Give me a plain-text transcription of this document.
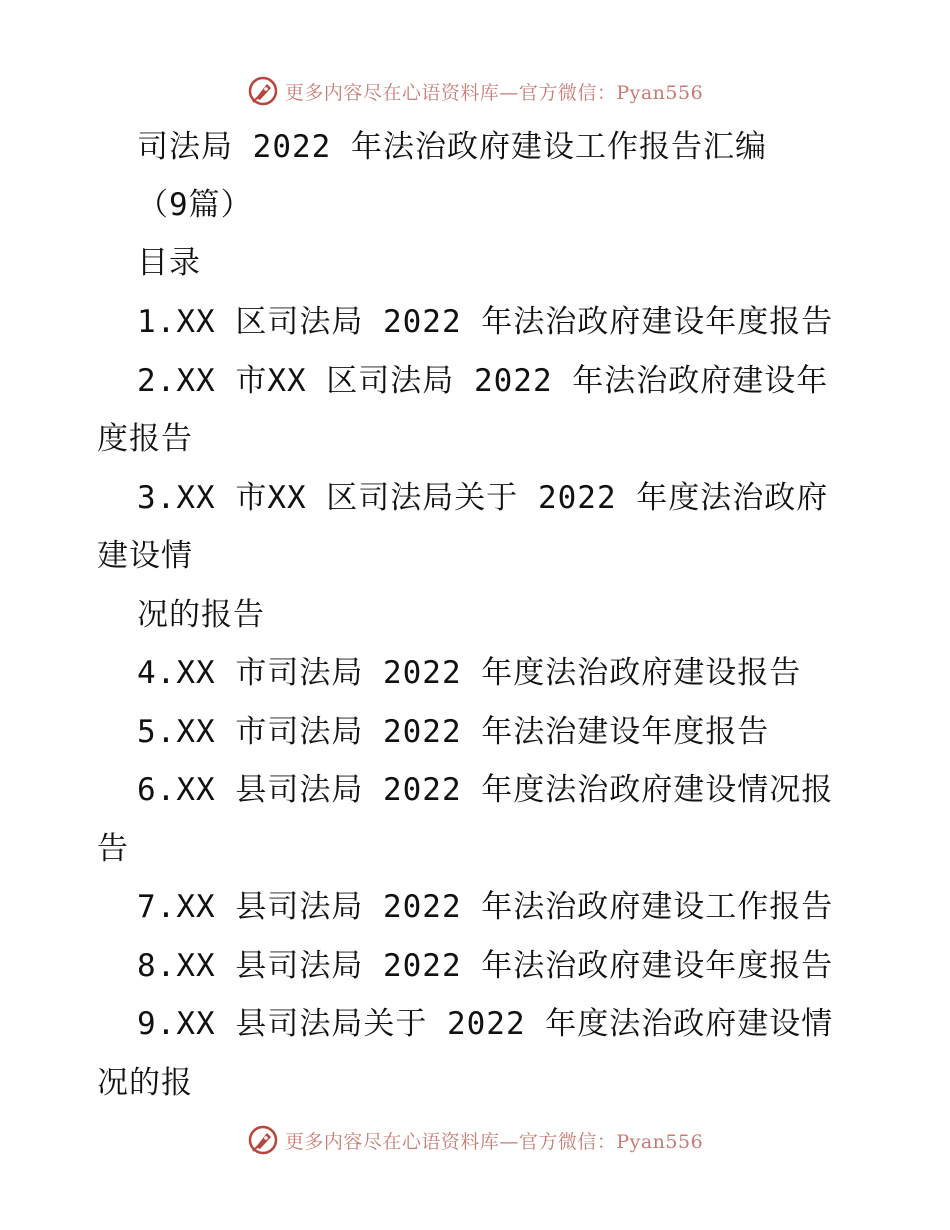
更多内容尽在心语资料库—官方微信：Pyan556
司法局 2022 年法治政府建设工作报告汇编
（9篇）
目录
1.XX 区司法局 2022 年法治政府建设年度报告
2.XX 市XX 区司法局 2022 年法治政府建设年
度报告
3.XX 市XX 区司法局关于 2022 年度法治政府
建设情
况的报告
4.XX 市司法局 2022 年度法治政府建设报告
5.XX 市司法局 2022 年法治建设年度报告
6.XX 县司法局 2022 年度法治政府建设情况报
告
7.XX 县司法局 2022 年法治政府建设工作报告
8.XX 县司法局 2022 年法治政府建设年度报告
9.XX 县司法局关于 2022 年度法治政府建设情
况的报
更多内容尽在心语资料库—官方微信：Pyan556
